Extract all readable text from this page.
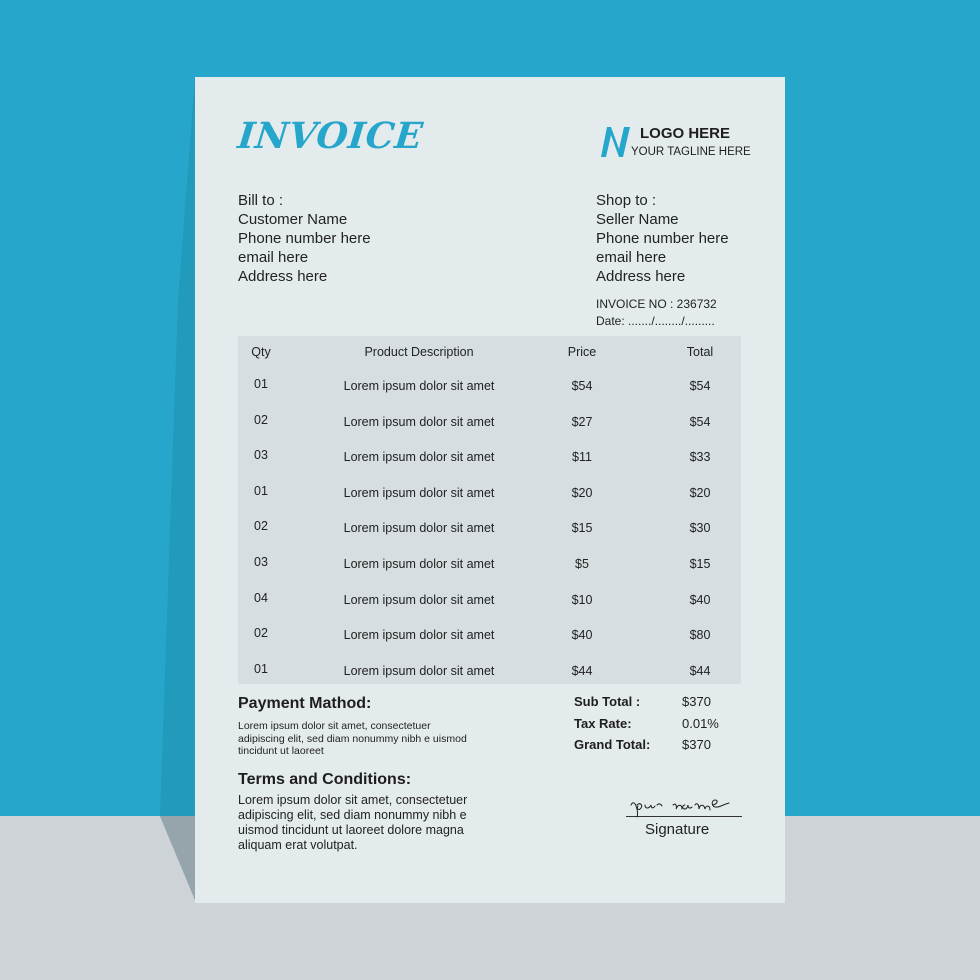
INVOICE	LOGO HERE
YOUR TAGLINE HERE
Bill to :
Customer Name
Phone number here
email here
Address here
Shop to :
Seller Name
Phone number here
email here
Address here
INVOICE NO : 236732
Date: ......./......../.........
Qty	Product Description	Price	Total
01	Lorem ipsum dolor sit amet	$54	$54
02	Lorem ipsum dolor sit amet	$27	$54
03	Lorem ipsum dolor sit amet	$11	$33
01	Lorem ipsum dolor sit amet	$20	$20
02	Lorem ipsum dolor sit amet	$15	$30
03	Lorem ipsum dolor sit amet	$5	$15
04	Lorem ipsum dolor sit amet	$10	$40
02	Lorem ipsum dolor sit amet	$40	$80
01	Lorem ipsum dolor sit amet	$44	$44
Sub Total :	$370
Tax Rate:	0.01%
Grand Total: $370
Payment Mathod:
Lorem ipsum dolor sit amet, consectetuer adipiscing elit, sed diam nonummy nibh e uismod tincidunt ut laoreet
Terms and Conditions:
Lorem ipsum dolor sit amet, consectetuer adipiscing elit, sed diam nonummy nibh e uismod tincidunt ut laoreet dolore magna aliquam erat volutpat.
Signature
